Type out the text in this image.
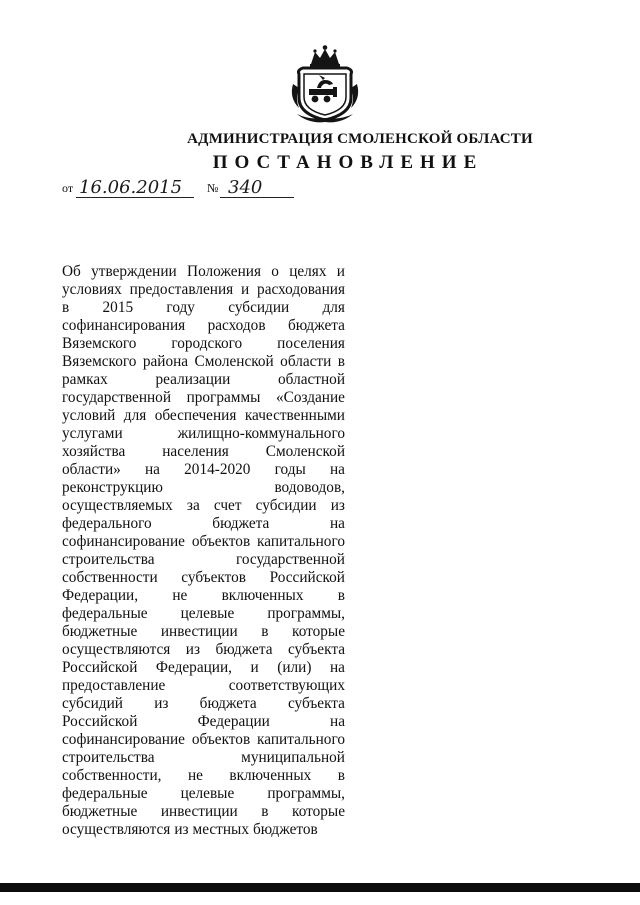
АДМИНИСТРАЦИЯ СМОЛЕНСКОЙ ОБЛАСТИ
ПОСТАНОВЛЕНИЕ
от 16.06.2015 № 340
Об утверждении Положения о целях и
условиях предоставления и расходования
в 2015 году субсидии для
софинансирования расходов бюджета
Вяземского городского поселения
Вяземского района Смоленской области в
рамках	реализации	областной
государственной программы «Создание
условий для обеспечения качественными
услугами	жилищно-коммунального
хозяйства населения Смоленской
области» на 2014-2020 годы на
реконструкцию	водоводов,
осуществляемых за счет субсидии из
федерального	бюджета	на
софинансирование объектов капитального
строительства	государственной
собственности субъектов Российской
Федерации, не включенных в
федеральные целевые программы,
бюджетные инвестиции в которые
осуществляются из бюджета субъекта
Российской Федерации, и (или) на
предоставление	соответствующих
субсидий из бюджета субъекта
Российской	Федерации	на
софинансирование объектов капитального
строительства	муниципальной
собственности, не включенных в
федеральные целевые программы,
бюджетные инвестиции в которые
осуществляются из местных бюджетов
